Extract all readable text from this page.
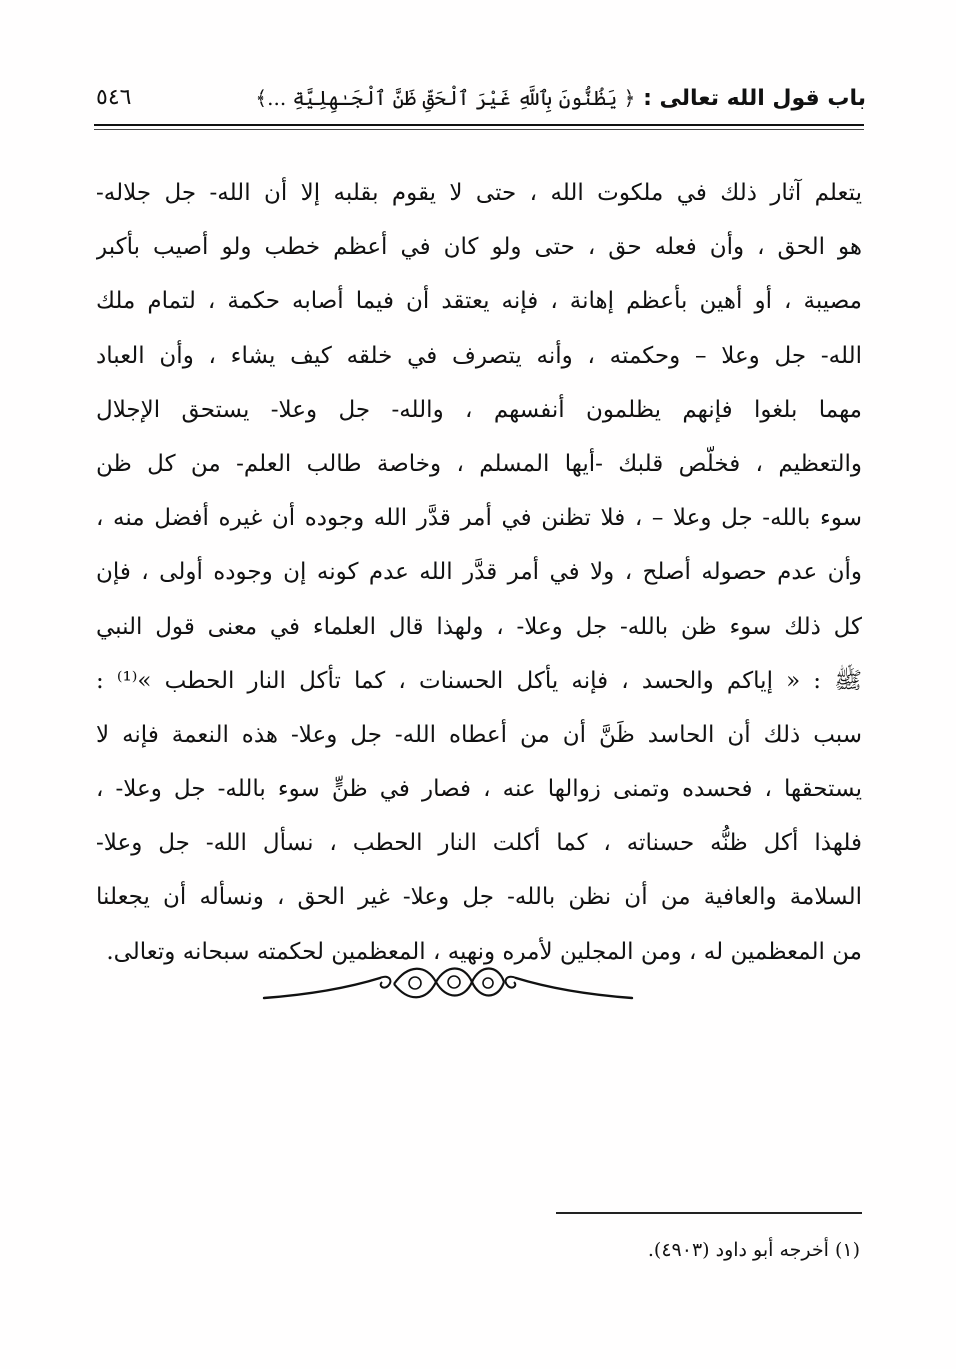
باب قول الله تعالى : ﴿ يَظُنُّونَ بِٱللَّهِ غَيْرَ ٱلْحَقِّ ظَنَّ ٱلْجَـٰهِلِيَّةِ ...﴾
٥٤٦
يتعلم آثار ذلك في ملكوت الله ، حتى لا يقوم بقلبه إلا أن الله- جل جلاله-
هو الحق ، وأن فعله حق ، حتى ولو كان في أعظم خطب ولو أصيب بأكبر
مصيبة ، أو أهين بأعظم إهانة ، فإنه يعتقد أن فيما أصابه حكمة ، لتمام ملك
الله- جل وعلا – وحكمته ، وأنه يتصرف في خلقه كيف يشاء ، وأن العباد
مهما بلغوا فإنهم يظلمون أنفسهم ، والله- جل وعلا- يستحق الإجلال
والتعظيم ، فخلّص قلبك -أيها المسلم ، وخاصة طالب العلم- من كل ظن
سوء بالله- جل وعلا – ، فلا تظنن في أمر قدَّر الله وجوده أن غيره أفضل منه ،
وأن عدم حصوله أصلح ، ولا في أمر قدَّر الله عدم كونه إن وجوده أولى ، فإن
كل ذلك سوء ظن بالله- جل وعلا- ، ولهذا قال العلماء في معنى قول النبي
ﷺ : « إياكم والحسد ، فإنه يأكل الحسنات ، كما تأكل النار الحطب »⁽¹⁾ :
سبب ذلك أن الحاسد ظَنَّ أن من أعطاه الله- جل وعلا- هذه النعمة فإنه لا
يستحقها ، فحسده وتمنى زوالها عنه ، فصار في ظنٍّ سوء بالله- جل وعلا- ،
فلهذا أكل ظنُّه حسناته ، كما أكلت النار الحطب ، نسأل الله- جل وعلا-
السلامة والعافية من أن نظن بالله- جل وعلا- غير الحق ، ونسأله أن يجعلنا
من المعظمين له ، ومن المجلين لأمره ونهيه ، المعظمين لحكمته سبحانه وتعالى.
(١) أخرجه أبو داود (٤٩٠٣).
